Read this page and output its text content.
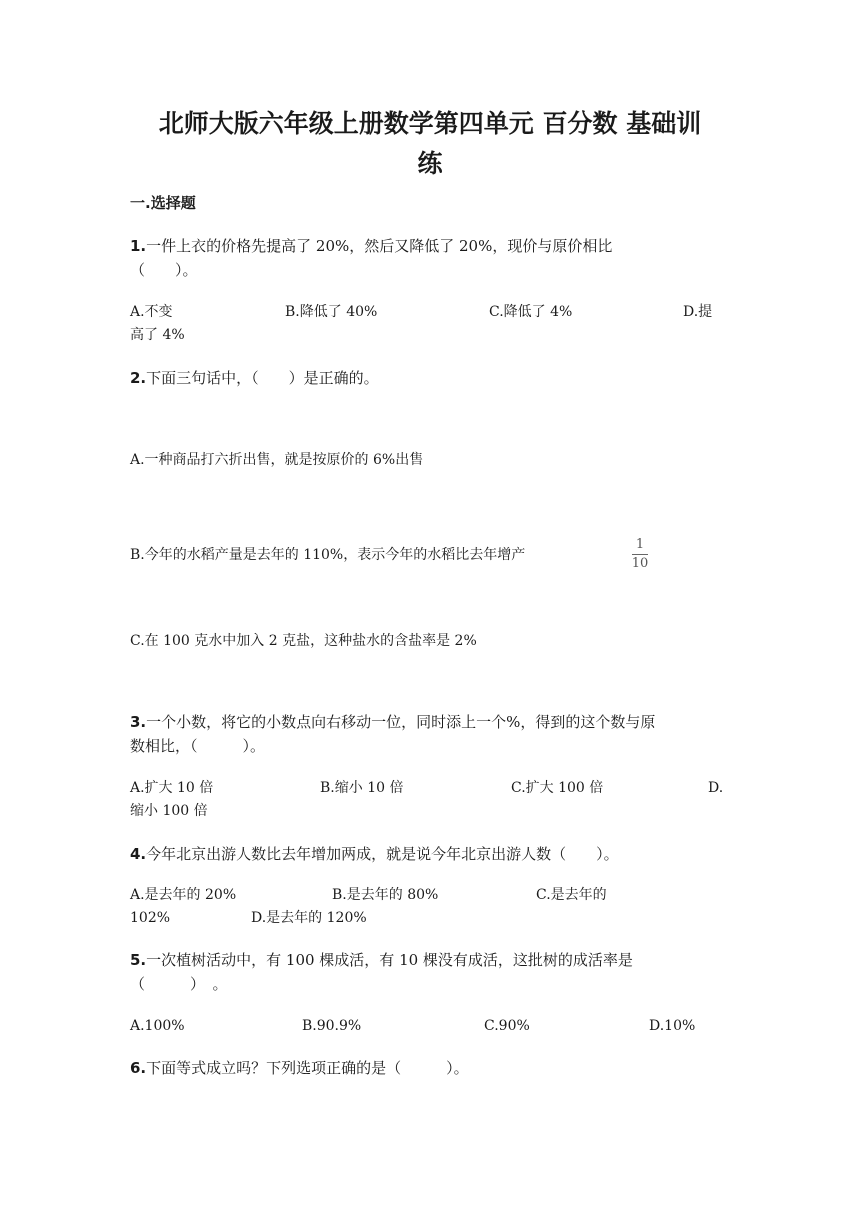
北师大版六年级上册数学第四单元 百分数 基础训
练
一.选择题
1.一件上衣的价格先提高了 20%，然后又降低了 20%，现价与原价相比
（　　）。
A.不变	B.降低了 40%	C.降低了 4%	D.提
高了 4%
2.下面三句话中，（　　）是正确的。
A.一种商品打六折出售，就是按原价的 6%出售
B.今年的水稻产量是去年的 110%，表示今年的水稻比去年增产
1
10
C.在 100 克水中加入 2 克盐，这种盐水的含盐率是 2%
3.一个小数，将它的小数点向右移动一位，同时添上一个%，得到的这个数与原
数相比，（　　　）。
A.扩大 10 倍	B.缩小 10 倍	C.扩大 100 倍	D.
缩小 100 倍
4.今年北京出游人数比去年增加两成，就是说今年北京出游人数（　　）。
A.是去年的 20%	B.是去年的 80%	C.是去年的
102%	D.是去年的 120%
5.一次植树活动中，有 100 棵成活，有 10 棵没有成活，这批树的成活率是
（　　　）　。
A.100%	B.90.9%	C.90%	D.10%
6.下面等式成立吗？下列选项正确的是（　　　）。
